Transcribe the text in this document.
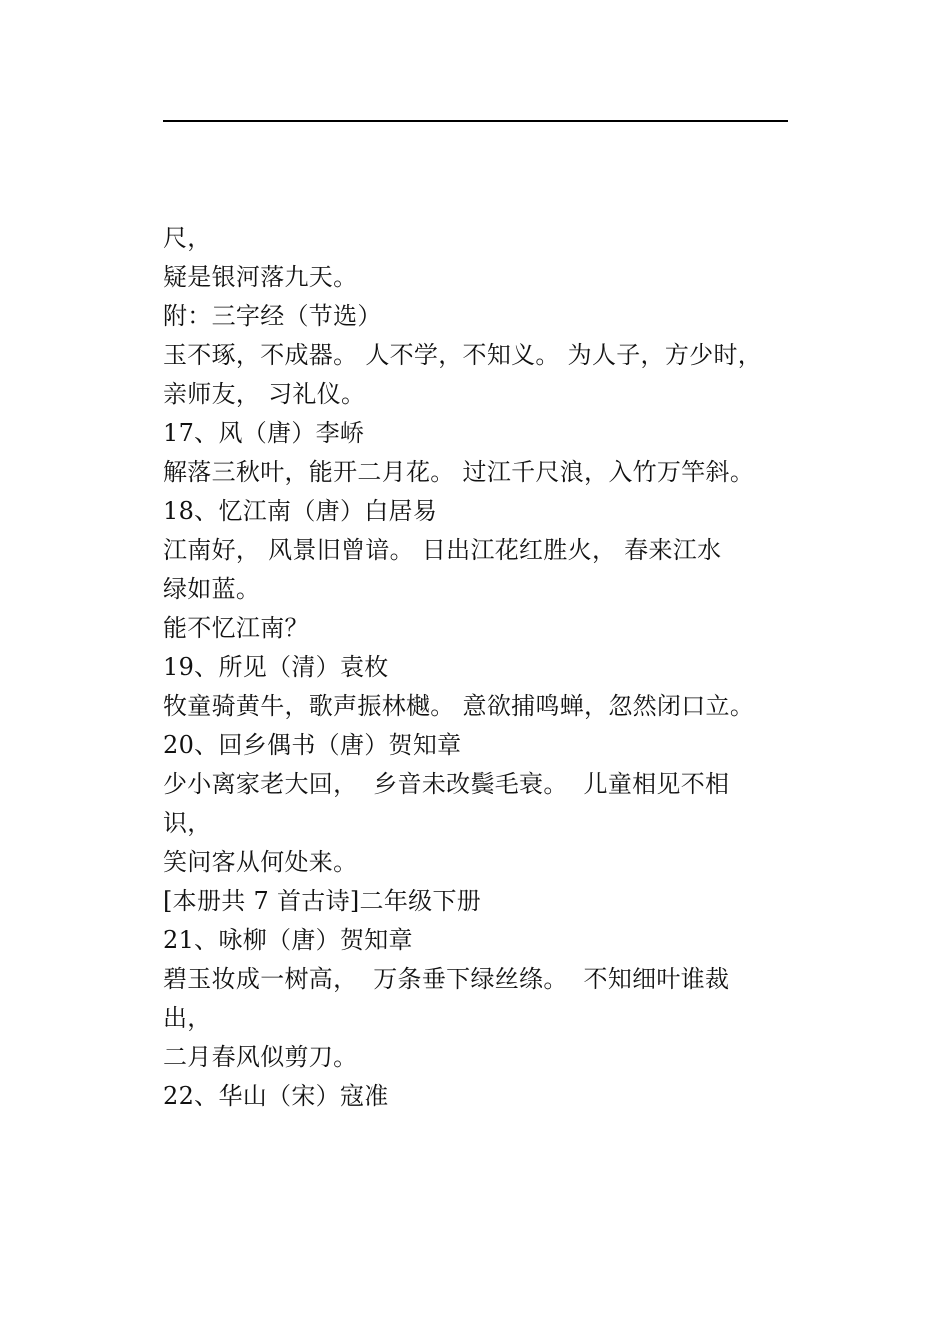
尺，
疑是银河落九天。
附：三字经（节选）
玉不琢，不成器。 人不学，不知义。 为人子，方少时，
亲师友， 习礼仪。
17、风（唐）李峤
解落三秋叶，能开二月花。 过江千尺浪，入竹万竿斜。
18、忆江南（唐）白居易
江南好， 风景旧曾谙。 日出江花红胜火， 春来江水
绿如蓝。
能不忆江南？
19、所见（清）袁枚
牧童骑黄牛，歌声振林樾。 意欲捕鸣蝉，忽然闭口立。
20、回乡偶书（唐）贺知章
少小离家老大回，  乡音未改鬓毛衰。  儿童相见不相
识，
笑问客从何处来。
[本册共 7 首古诗]二年级下册
21、咏柳（唐）贺知章
碧玉妆成一树高，  万条垂下绿丝绦。  不知细叶谁裁
出，
二月春风似剪刀。
22、华山（宋）寇准
